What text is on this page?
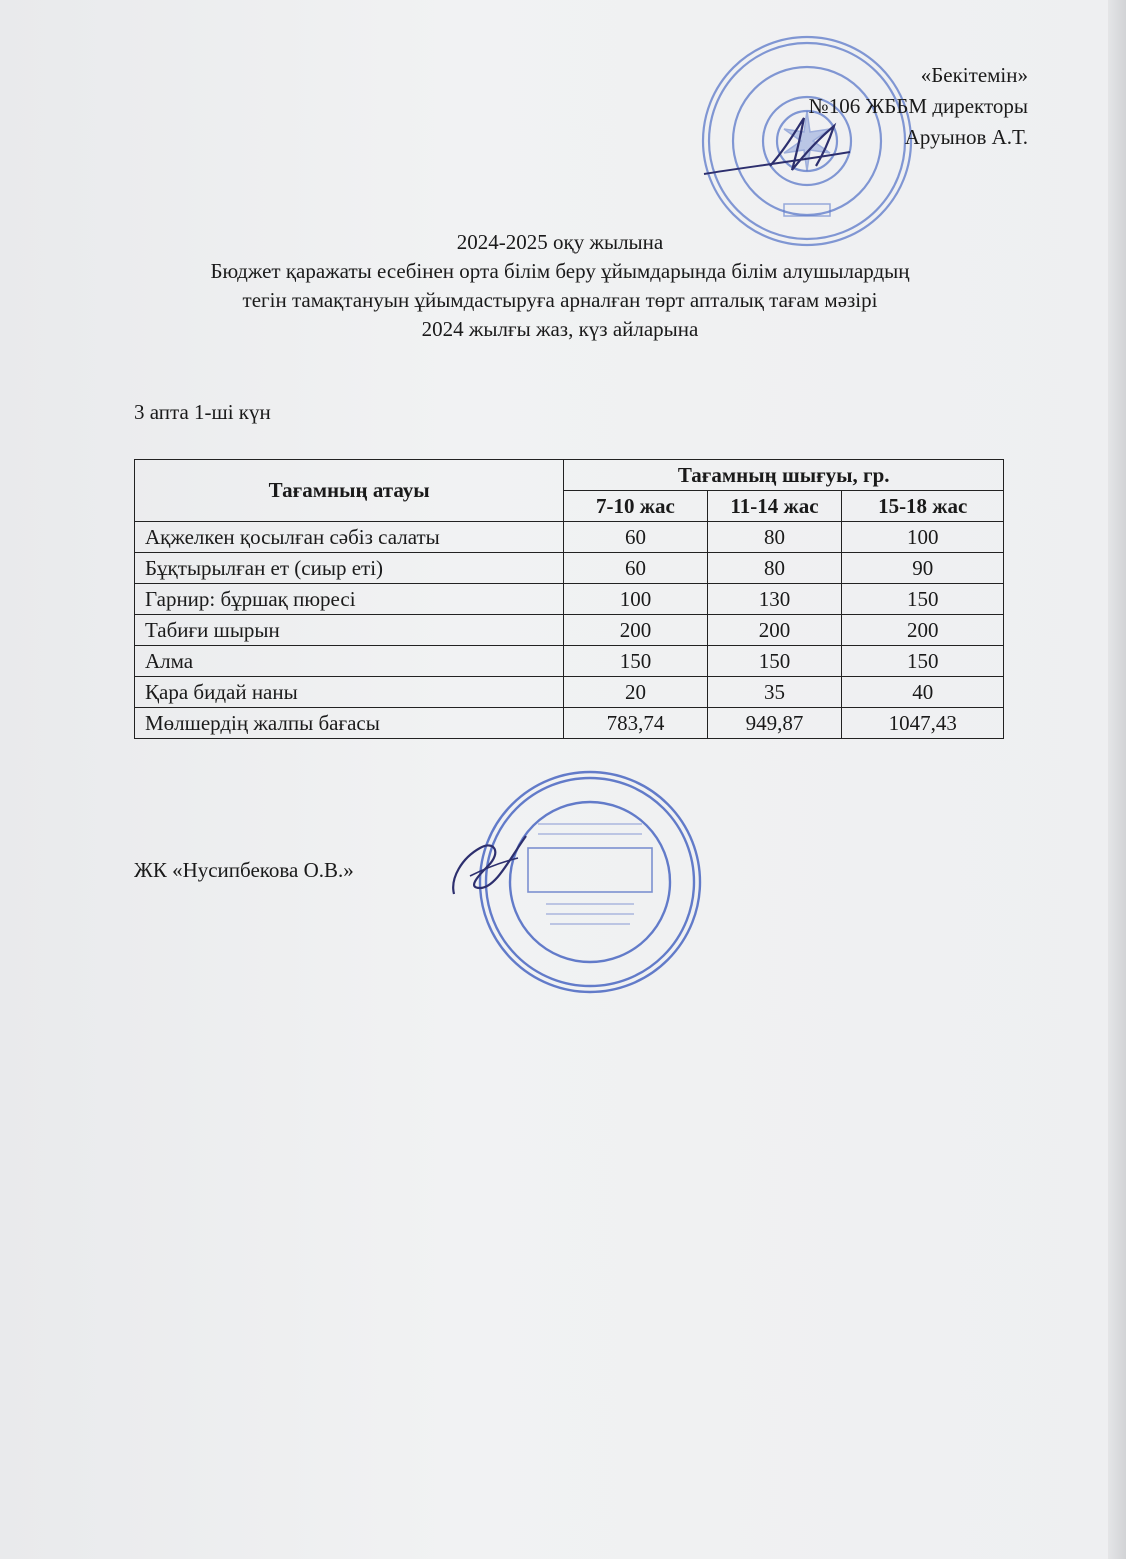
«Бекітемін»
№106 ЖББМ директоры
Аруынов А.Т.
2024-2025 оқу жылына
Бюджет қаражаты есебінен орта білім беру ұйымдарында білім алушылардың
тегін тамақтануын ұйымдастыруға арналған төрт апталық тағам мәзірі
2024 жылғы жаз, күз айларына
3 апта 1-ші күн
Тағамның атауы	Тағамның шығуы, гр.		
	7-10 жас	11-14 жас	15-18 жас
Ақжелкен қосылған сәбіз салаты	60	80	100
Бұқтырылған ет (сиыр еті)	60	80	90
Гарнир: бұршақ пюресі	100	130	150
Табиғи шырын	200	200	200
Алма	150	150	150
Қара бидай наны	20	35	40
Мөлшердің жалпы бағасы	783,74	949,87	1047,43
ЖК «Нусипбекова О.В.»
